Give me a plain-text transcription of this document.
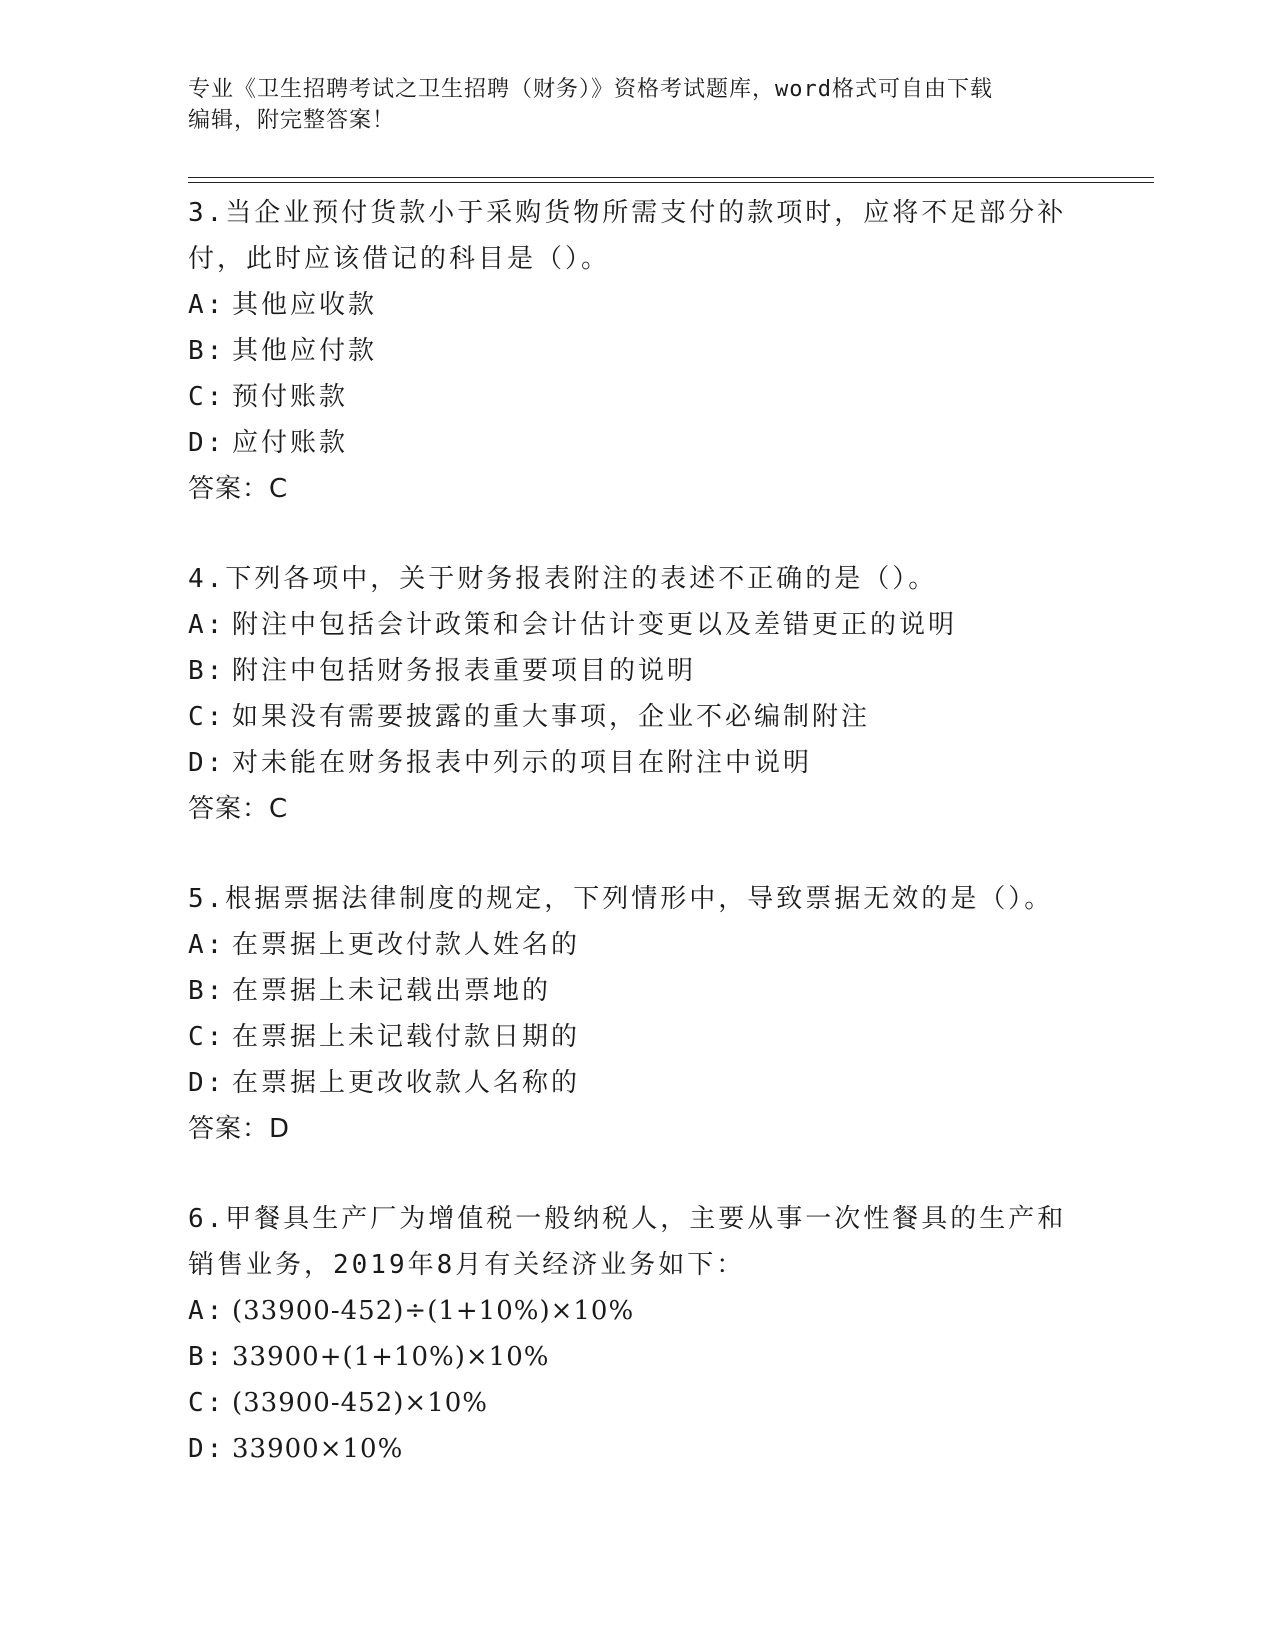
专业《卫生招聘考试之卫生招聘（财务）》资格考试题库，word格式可自由下载
编辑，附完整答案！

3.当企业预付货款小于采购货物所需支付的款项时，应将不足部分补

付，此时应该借记的科目是（）。

A: 其他应收款

B: 其他应付款

C: 预付账款

D: 应付账款

答案：C

4.下列各项中，关于财务报表附注的表述不正确的是（）。

A: 附注中包括会计政策和会计估计变更以及差错更正的说明

B: 附注中包括财务报表重要项目的说明

C: 如果没有需要披露的重大事项，企业不必编制附注

D: 对未能在财务报表中列示的项目在附注中说明

答案：C

5.根据票据法律制度的规定，下列情形中，导致票据无效的是（）。

A: 在票据上更改付款人姓名的

B: 在票据上未记载出票地的

C: 在票据上未记载付款日期的

D: 在票据上更改收款人名称的

答案：D

6.甲餐具生产厂为增值税一般纳税人，主要从事一次性餐具的生产和

销售业务，2019年8月有关经济业务如下：

A: (33900-452)÷(1+10%)×10%

B: 33900+(1+10%)×10%

C: (33900-452)×10%

D: 33900×10%
